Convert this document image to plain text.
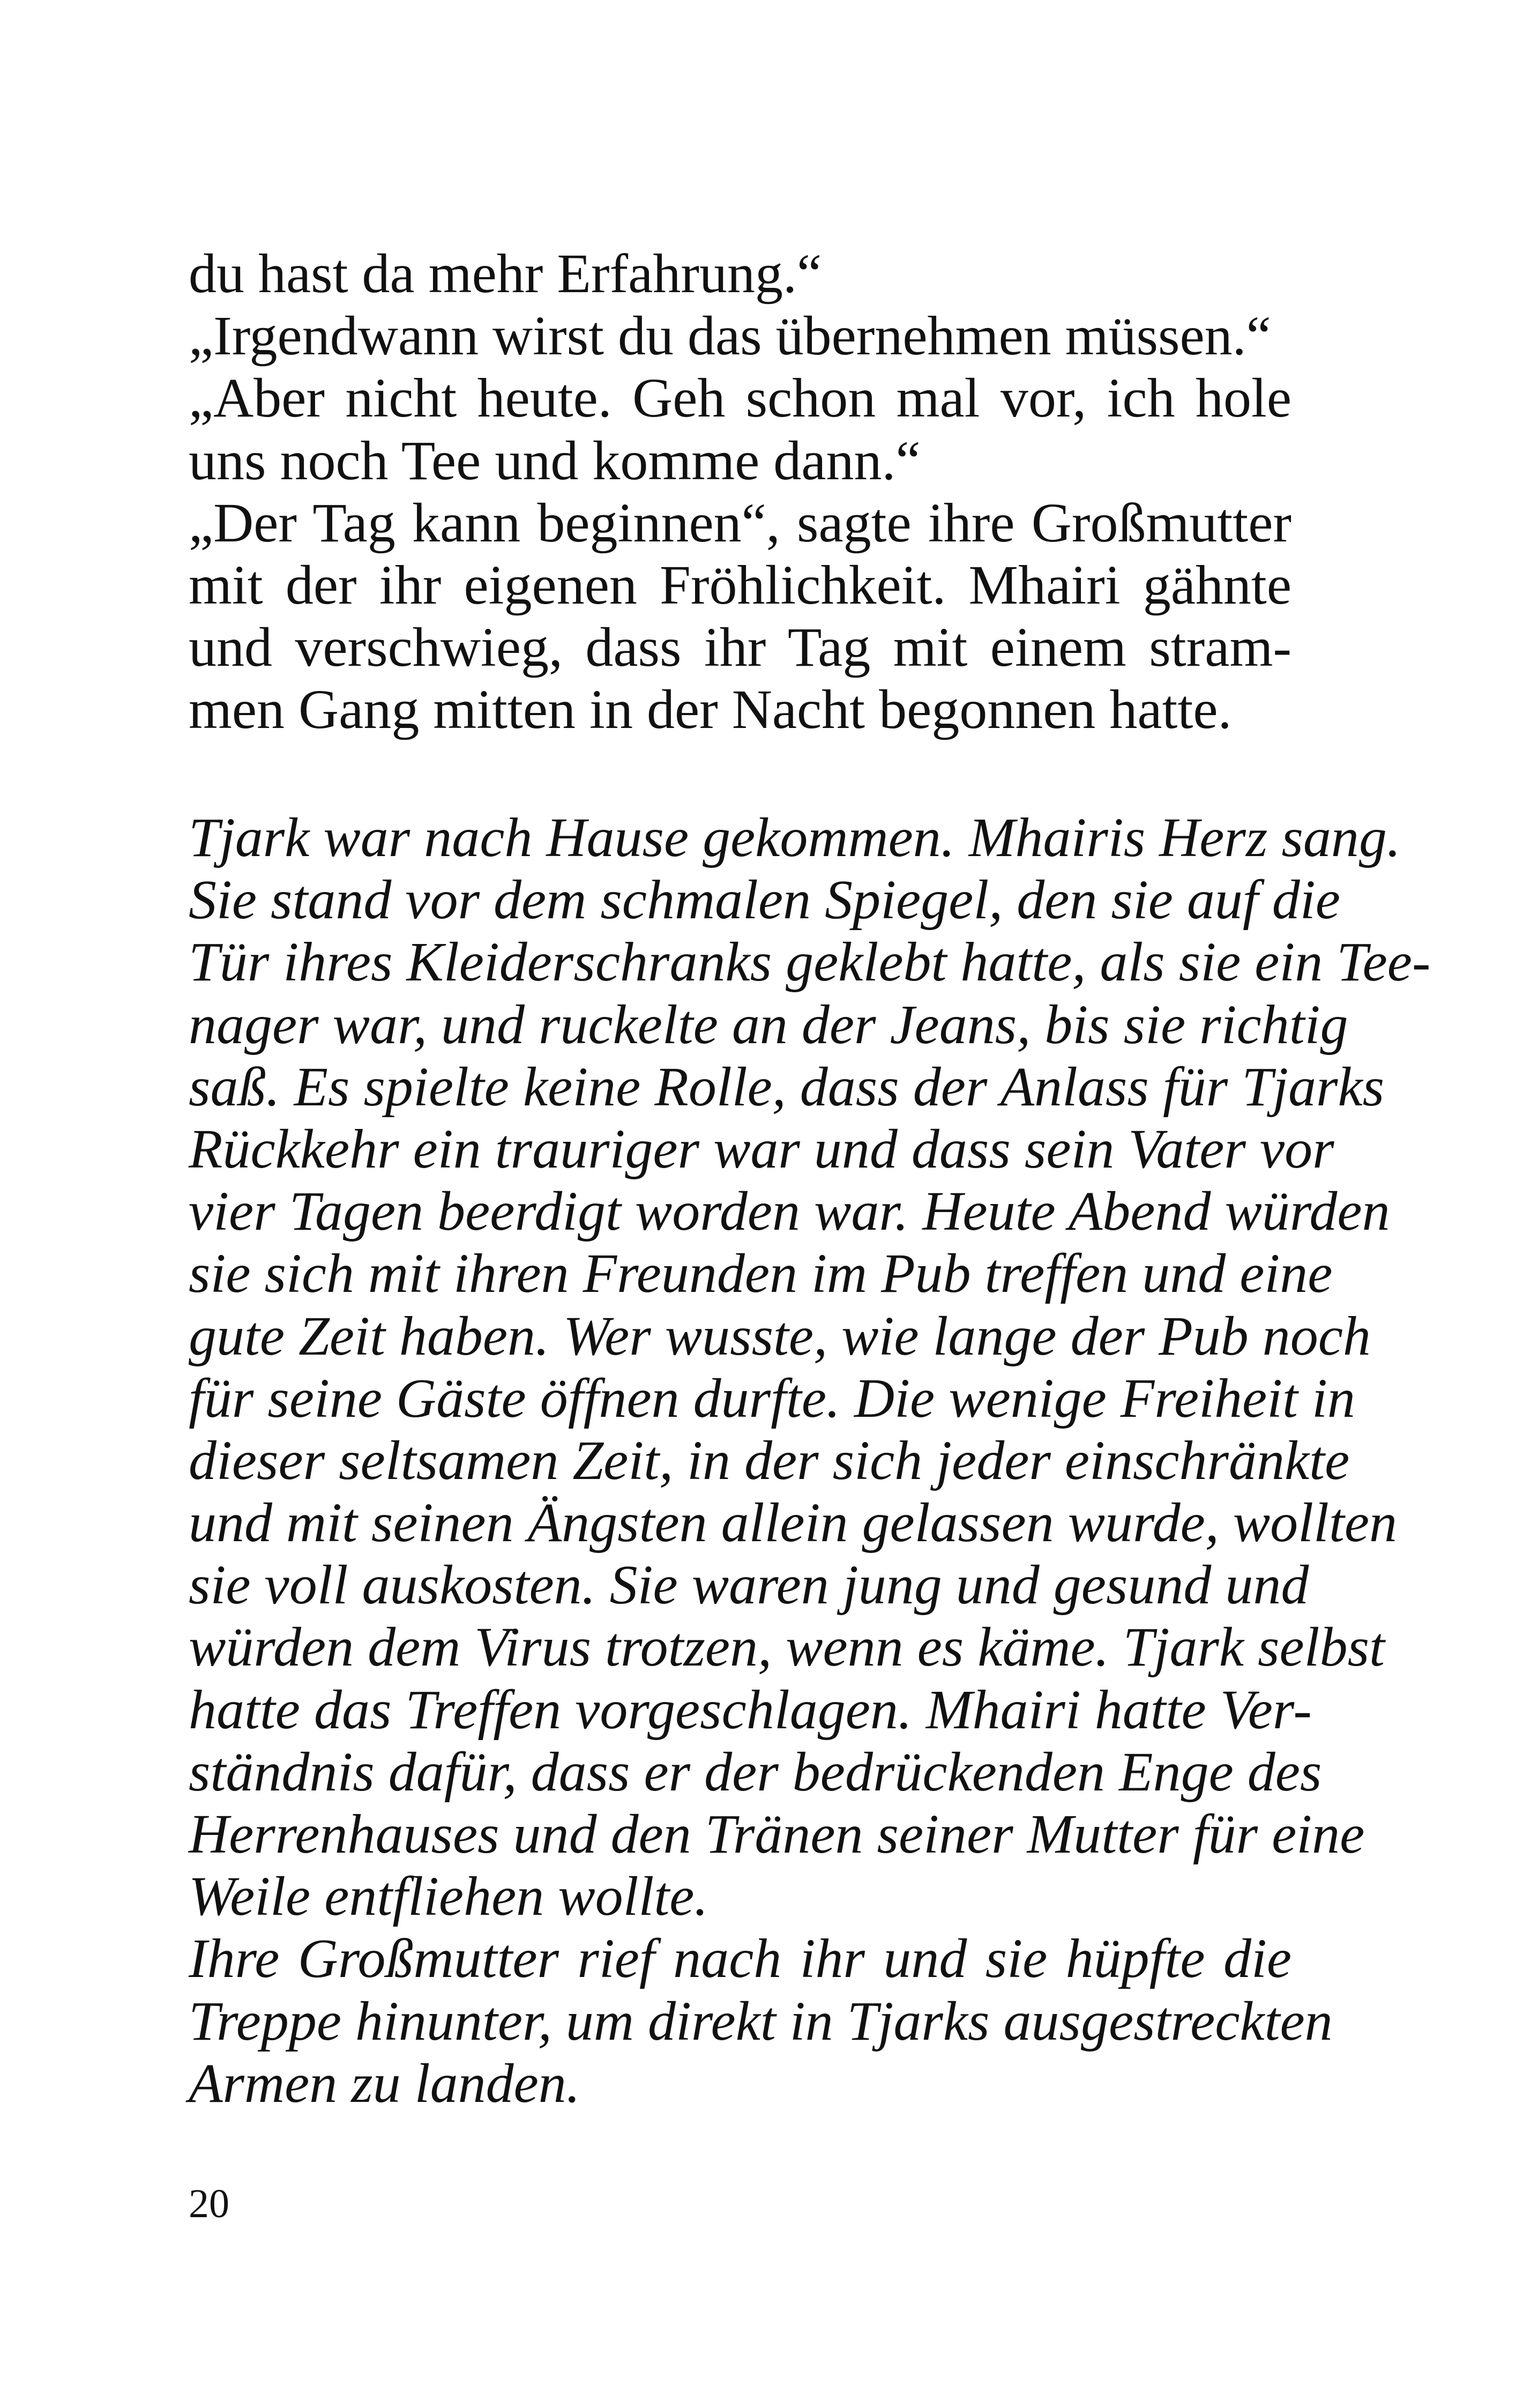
du hast da mehr Erfahrung.“
„Irgendwann wirst du das übernehmen müssen.“
„Aber nicht heute. Geh schon mal vor, ich hole
uns noch Tee und komme dann.“
„Der Tag kann beginnen“, sagte ihre Großmutter
mit der ihr eigenen Fröhlichkeit. Mhairi gähnte
und verschwieg, dass ihr Tag mit einem stram-
men Gang mitten in der Nacht begonnen hatte.
Tjark war nach Hause gekommen. Mhairis Herz sang.
Sie stand vor dem schmalen Spiegel, den sie auf die
Tür ihres Kleiderschranks geklebt hatte, als sie ein Tee-
nager war, und ruckelte an der Jeans, bis sie richtig
saß. Es spielte keine Rolle, dass der Anlass für Tjarks
Rückkehr ein trauriger war und dass sein Vater vor
vier Tagen beerdigt worden war. Heute Abend würden
sie sich mit ihren Freunden im Pub treffen und eine
gute Zeit haben. Wer wusste, wie lange der Pub noch
für seine Gäste öffnen durfte. Die wenige Freiheit in
dieser seltsamen Zeit, in der sich jeder einschränkte
und mit seinen Ängsten allein gelassen wurde, wollten
sie voll auskosten. Sie waren jung und gesund und
würden dem Virus trotzen, wenn es käme. Tjark selbst
hatte das Treffen vorgeschlagen. Mhairi hatte Ver-
ständnis dafür, dass er der bedrückenden Enge des
Herrenhauses und den Tränen seiner Mutter für eine
Weile entfliehen wollte.
Ihre Großmutter rief nach ihr und sie hüpfte die
Treppe hinunter, um direkt in Tjarks ausgestreckten
Armen zu landen.
20
